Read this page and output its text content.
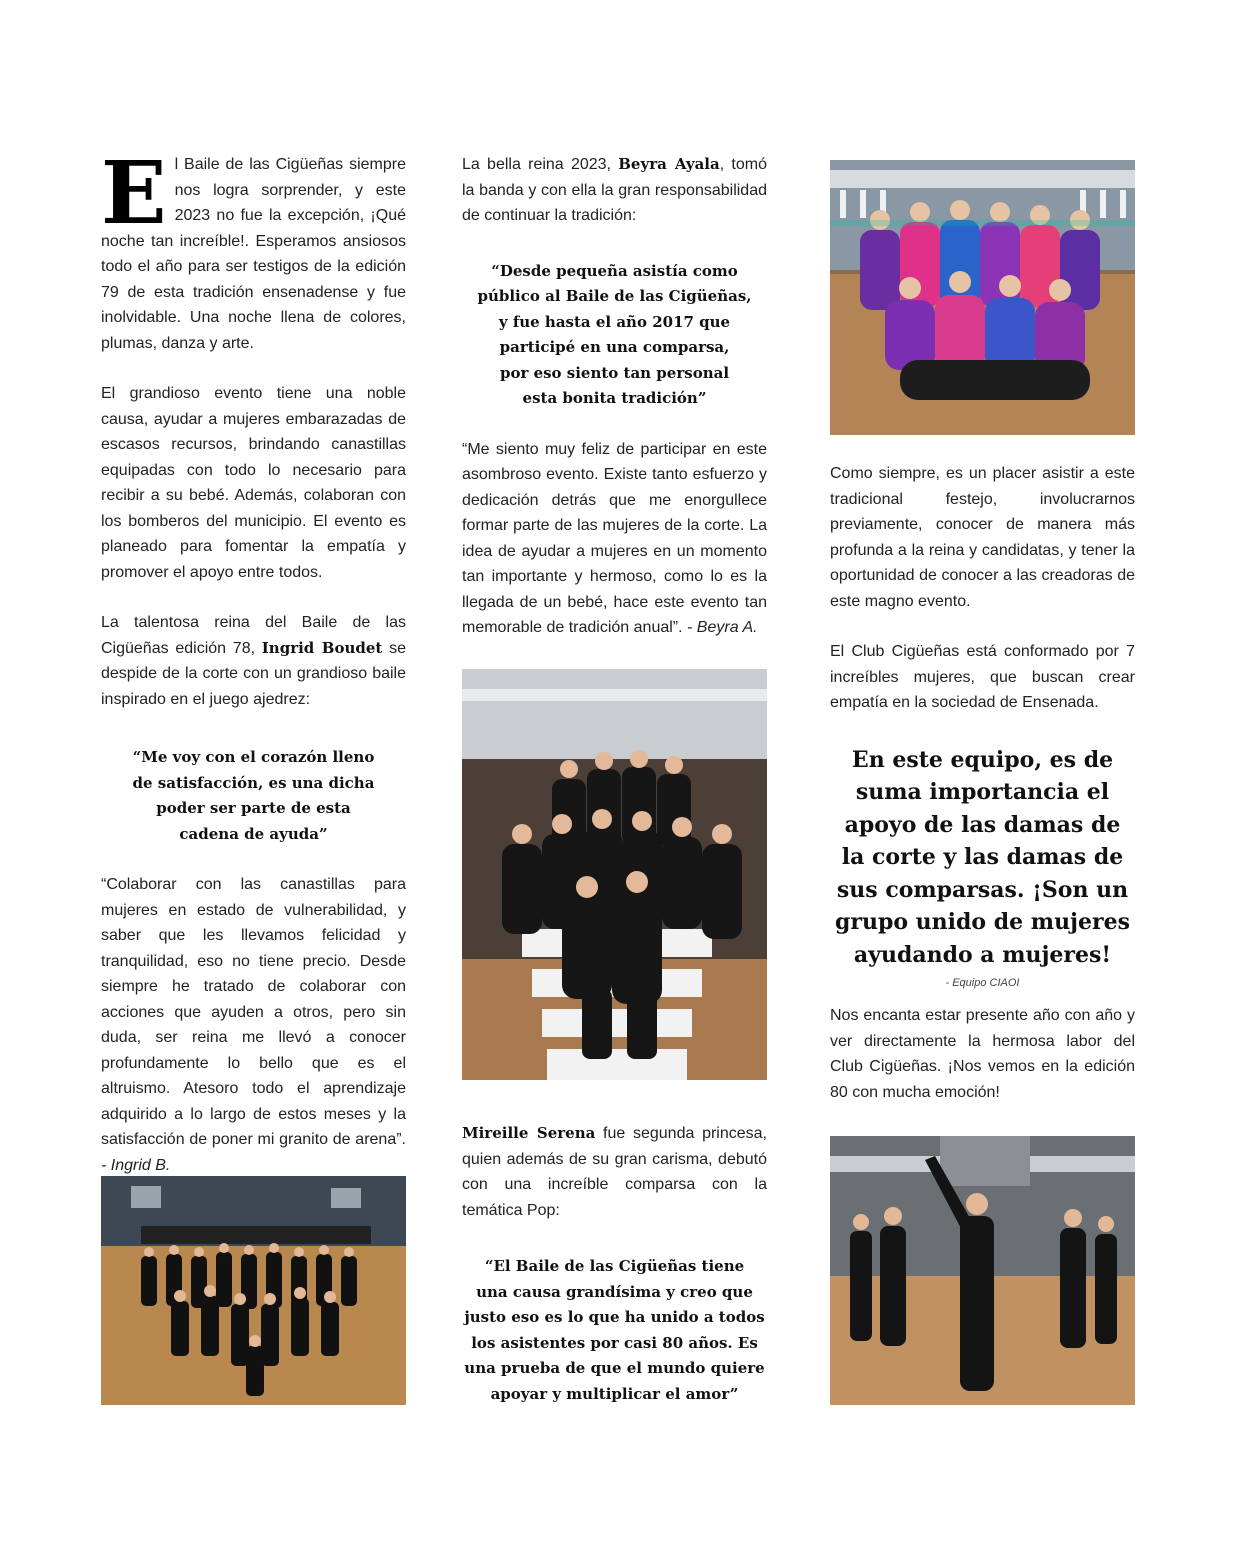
El Baile de las Cigüeñas siempre nos logra sorprender, y este 2023 no fue la excepción, ¡Qué noche tan increíble!. Esperamos ansiosos todo el año para ser testigos de la edición 79 de esta tradición ensenadense y fue inolvidable. Una noche llena de colores, plumas, danza y arte.

El grandioso evento tiene una noble causa, ayudar a mujeres embarazadas de escasos recursos, brindando canastillas equipadas con todo lo necesario para recibir a su bebé. Además, colaboran con los bomberos del municipio. El evento es planeado para fomentar la empatía y promover el apoyo entre todos.

La talentosa reina del Baile de las Cigüeñas edición 78, Ingrid Boudet se despide de la corte con un grandioso baile inspirado en el juego ajedrez:

“Me voy con el corazón lleno
de satisfacción, es una dicha
poder ser parte de esta
cadena de ayuda”

“Colaborar con las canastillas para mujeres en estado de vulnerabilidad, y saber que les llevamos felicidad y tranquilidad, eso no tiene precio. Desde siempre he tratado de colaborar con acciones que ayuden a otros, pero sin duda, ser reina me llevó a conocer profundamente lo bello que es el altruismo. Atesoro todo el aprendizaje adquirido a lo largo de estos meses y la satisfacción de poner mi granito de arena”. - Ingrid B.

La bella reina 2023, Beyra Ayala, tomó la banda y con ella la gran responsabilidad de continuar la tradición:

“Desde pequeña asistía como
público al Baile de las Cigüeñas,
y fue hasta el año 2017 que
participé en una comparsa,
por eso siento tan personal
esta bonita tradición”

“Me siento muy feliz de participar en este asombroso evento. Existe tanto esfuerzo y dedicación detrás que me enorgullece formar parte de las mujeres de la corte. La idea de ayudar a mujeres en un momento tan importante y hermoso, como lo es la llegada de un bebé, hace este evento tan memorable de tradición anual”. - Beyra A.

Mireille Serena fue segunda princesa, quien además de su gran carisma, debutó con una increíble comparsa con la temática Pop:

“El Baile de las Cigüeñas tiene
una causa grandísima y creo que
justo eso es lo que ha unido a todos
los asistentes por casi 80 años. Es
una prueba de que el mundo quiere
apoyar y multiplicar el amor”

Como siempre, es un placer asistir a este tradicional festejo, involucrarnos previamente, conocer de manera más profunda a la reina y candidatas, y tener la oportunidad de conocer a las creadoras de este magno evento.

El Club Cigüeñas está conformado por 7 increíbles mujeres, que buscan crear empatía en la sociedad de Ensenada.

En este equipo, es de
suma importancia el
apoyo de las damas de
la corte y las damas de
sus comparsas. ¡Son un
grupo unido de mujeres
ayudando a mujeres!

- Equipo CIAOI

Nos encanta estar presente año con año y ver directamente la hermosa labor del Club Cigüeñas. ¡Nos vemos en la edición 80 con mucha emoción!
